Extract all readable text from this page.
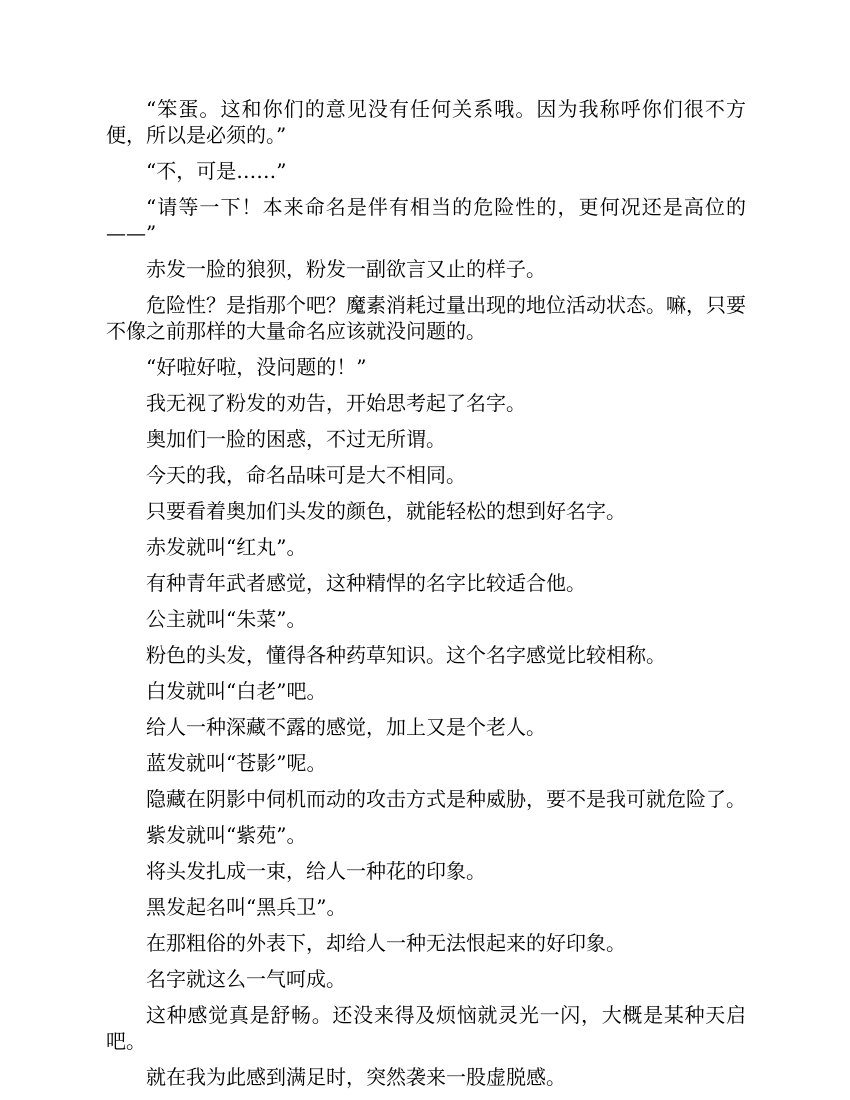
“笨蛋。这和你们的意见没有任何关系哦。因为我称呼你们很不方便，所以是必须的。”

“不，可是……”

“请等一下！本来命名是伴有相当的危险性的，更何况还是高位的——”

赤发一脸的狼狈，粉发一副欲言又止的样子。

危险性？是指那个吧？魔素消耗过量出现的地位活动状态。嘛，只要不像之前那样的大量命名应该就没问题的。

“好啦好啦，没问题的！”

我无视了粉发的劝告，开始思考起了名字。

奥加们一脸的困惑，不过无所谓。

今天的我，命名品味可是大不相同。

只要看着奥加们头发的颜色，就能轻松的想到好名字。

赤发就叫“红丸”。

有种青年武者感觉，这种精悍的名字比较适合他。

公主就叫“朱菜”。

粉色的头发，懂得各种药草知识。这个名字感觉比较相称。

白发就叫“白老”吧。

给人一种深藏不露的感觉，加上又是个老人。

蓝发就叫“苍影”呢。

隐藏在阴影中伺机而动的攻击方式是种威胁，要不是我可就危险了。

紫发就叫“紫苑”。

将头发扎成一束，给人一种花的印象。

黑发起名叫“黑兵卫”。

在那粗俗的外表下，却给人一种无法恨起来的好印象。

名字就这么一气呵成。

这种感觉真是舒畅。还没来得及烦恼就灵光一闪，大概是某种天启吧。

就在我为此感到满足时，突然袭来一股虚脱感。
